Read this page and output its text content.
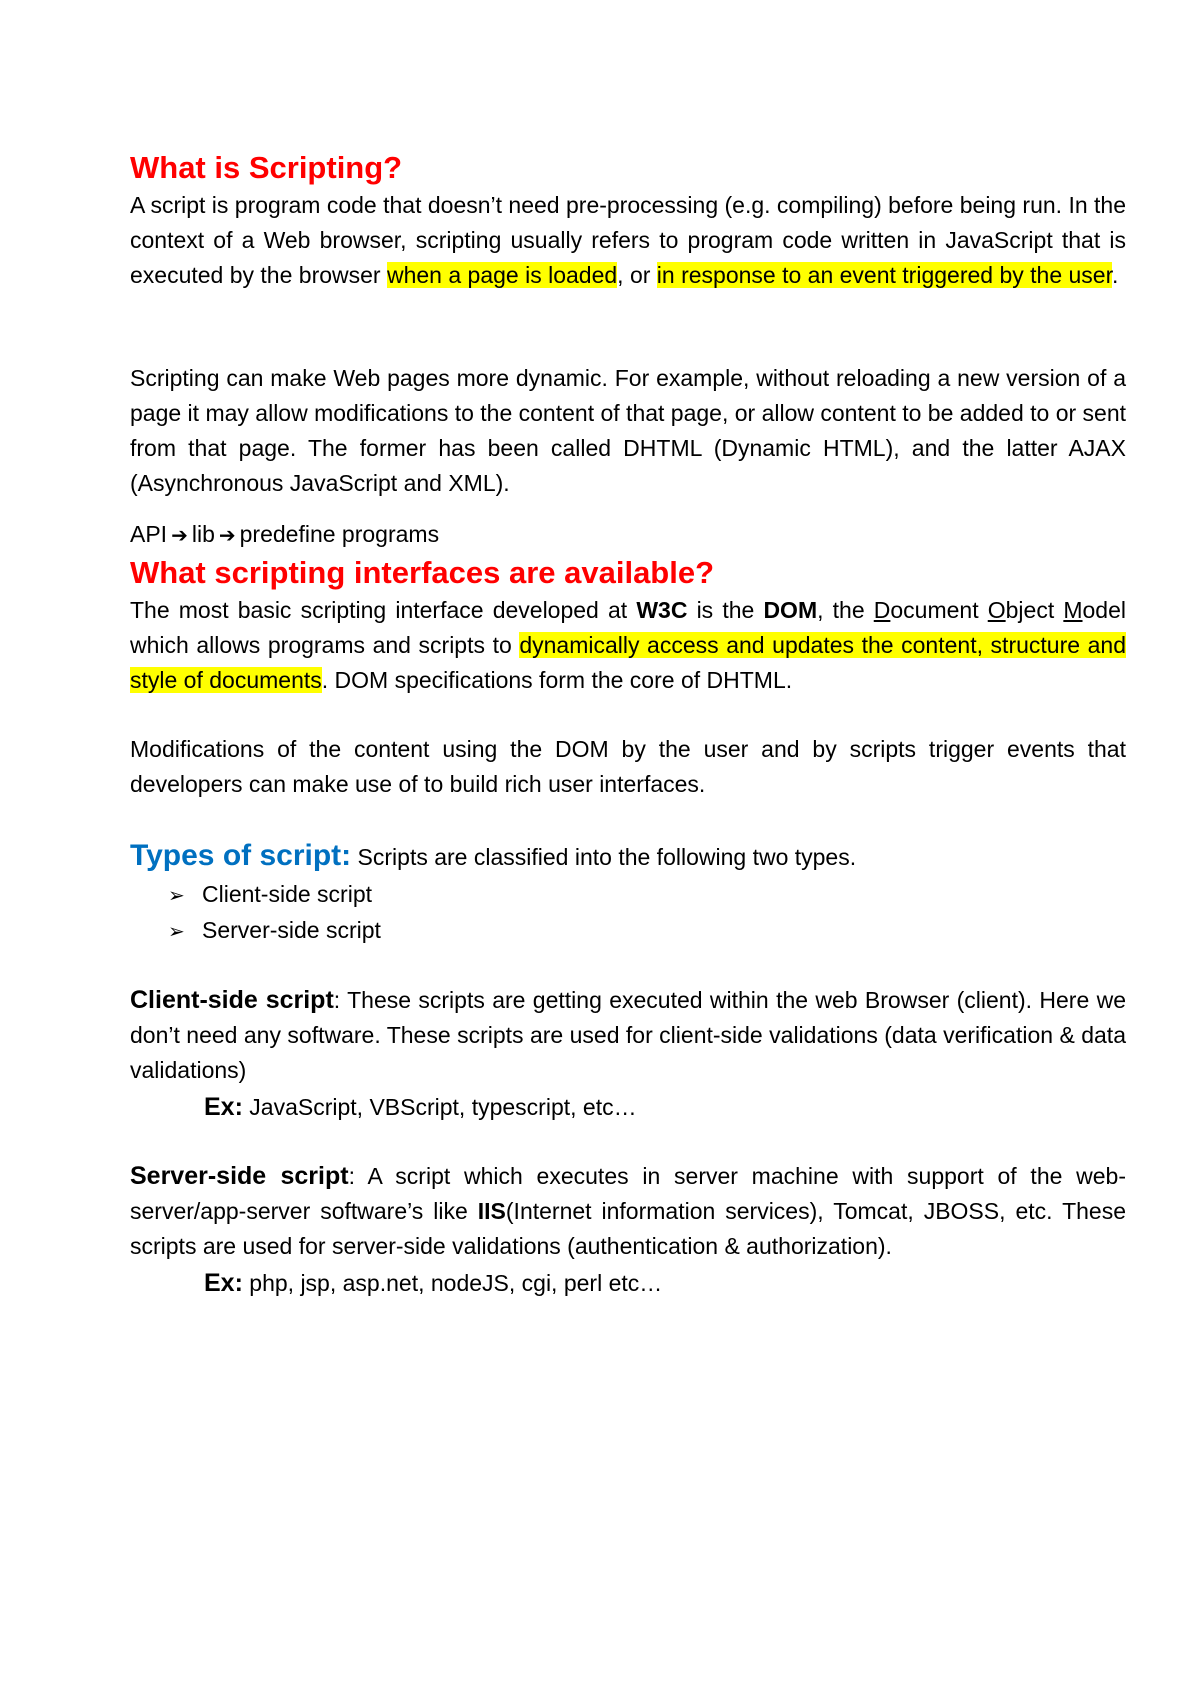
What is Scripting?

A script is program code that doesn’t need pre-processing (e.g. compiling) before being run. In the context of a Web browser, scripting usually refers to program code written in JavaScript that is executed by the browser when a page is loaded, or in response to an event triggered by the user.

Scripting can make Web pages more dynamic. For example, without reloading a new version of a page it may allow modifications to the content of that page, or allow content to be added to or sent from that page. The former has been called DHTML (Dynamic HTML), and the latter AJAX (Asynchronous JavaScript and XML).

API ➔ lib ➔ predefine programs

What scripting interfaces are available?

The most basic scripting interface developed at W3C is the DOM, the Document Object Model which allows programs and scripts to dynamically access and updates the content, structure and style of documents. DOM specifications form the core of DHTML.

Modifications of the content using the DOM by the user and by scripts trigger events that developers can make use of to build rich user interfaces.

Types of script: Scripts are classified into the following two types.

➢ Client-side script
➢ Server-side script

Client-side script: These scripts are getting executed within the web Browser (client). Here we don’t need any software. These scripts are used for client-side validations (data verification & data validations)

Ex: JavaScript, VBScript, typescript, etc…

Server-side script: A script which executes in server machine with support of the web-server/app-server software’s like IIS(Internet information services), Tomcat, JBOSS, etc. These scripts are used for server-side validations (authentication & authorization).

Ex: php, jsp, asp.net, nodeJS, cgi, perl etc…
